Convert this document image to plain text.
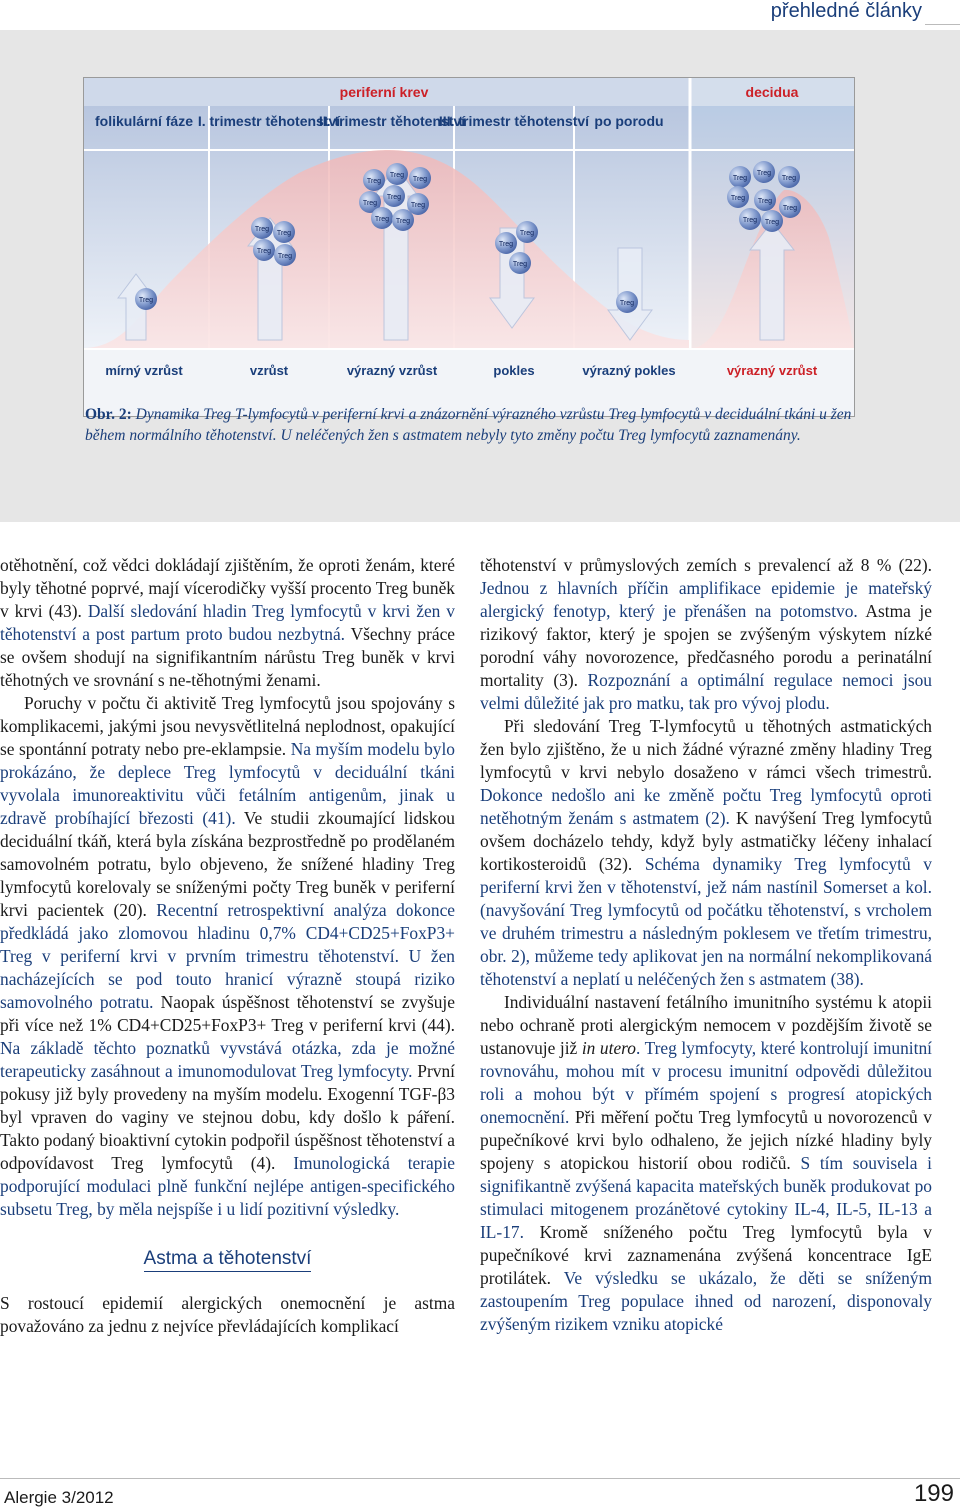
přehledné články
periferní krev	decidua
folikulární fáze I. trimestr těhotenství
II. trimestr těhotenství
III. trimestr těhotenství po porodu
Treg
Treg
Treg
Treg
Treg
Treg
Treg
Treg
Treg
Treg
Treg
Treg Treg
Treg
Treg
Treg
Treg
Treg
Treg
Treg
Treg Treg
Treg
Treg Treg
mírný vzrůst	vzrůst	výrazný vzrůst	pokles	výrazný pokles	výrazný vzrůst
Obr. 2: Dynamika Treg T-lymfocytů v periferní krvi a znázornění výrazného vzrůstu Treg lymfocytů v deciduální tkáni u žen během normálního těhotenství. U neléčených žen s astmatem nebyly tyto změny počtu Treg lymfocytů zaznamenány.

otěhotnění, což vědci dokládají zjištěním, že oproti ženám, které byly těhotné poprvé, mají vícerodičky vyšší procento Treg buněk v krvi (43). Další sledování hladin Treg lymfocytů v krvi žen v těhotenství a post partum proto budou nezbytná. Všechny práce se ovšem shodují na signifikantním nárůstu Treg buněk v krvi těhotných ve srovnání s ne-těhotnými ženami.

Poruchy v počtu či aktivitě Treg lymfocytů jsou spojovány s komplikacemi, jakými jsou nevysvětlitelná neplodnost, opakující se spontánní potraty nebo pre-eklampsie. Na myším modelu bylo prokázáno, že deplece Treg lymfocytů v deciduální tkáni vyvolala imunoreaktivitu vůči fetálním antigenům, jinak u zdravě probíhající březosti (41). Ve studii zkoumající lidskou deciduální tkáň, která byla získána bezprostředně po prodělaném samovolném potratu, bylo objeveno, že snížené hladiny Treg lymfocytů korelovaly se sníženými počty Treg buněk v periferní krvi pacientek (20). Recentní retrospektivní analýza dokonce předkládá jako zlomovou hladinu 0,7% CD4+CD25+FoxP3+ Treg v periferní krvi v prvním trimestru těhotenství. U žen nacházejících se pod touto hranicí výrazně stoupá riziko samovolného potratu. Naopak úspěšnost těhotenství se zvyšuje při více než 1% CD4+CD25+FoxP3+ Treg v periferní krvi (44). Na základě těchto poznatků vyvstává otázka, zda je možné terapeuticky zasáhnout a imunomodulovat Treg lymfocyty. První pokusy již byly provedeny na myším modelu. Exogenní TGF-β3 byl vpraven do vaginy ve stejnou dobu, kdy došlo k páření. Takto podaný bioaktivní cytokin podpořil úspěšnost těhotenství a odpovídavost Treg lymfocytů (4). Imunologická terapie podporující modulaci plně funkční nejlépe antigen-specifického subsetu Treg, by měla nejspíše i u lidí pozitivní výsledky.

Astma a těhotenství

S rostoucí epidemií alergických onemocnění je astma považováno za jednu z nejvíce převládajících komplikací

těhotenství v průmyslových zemích s prevalencí až 8 % (22). Jednou z hlavních příčin amplifikace epidemie je mateřský alergický fenotyp, který je přenášen na potomstvo. Astma je rizikový faktor, který je spojen se zvýšeným výskytem nízké porodní váhy novorozence, předčasného porodu a perinatální mortality (3). Rozpoznání a optimální regulace nemoci jsou velmi důležité jak pro matku, tak pro vývoj plodu.

Při sledování Treg T-lymfocytů u těhotných astmatických žen bylo zjištěno, že u nich žádné výrazné změny hladiny Treg lymfocytů v krvi nebylo dosaženo v rámci všech trimestrů. Dokonce nedošlo ani ke změně počtu Treg lymfocytů oproti netěhotným ženám s astmatem (2). K navýšení Treg lymfocytů ovšem docházelo tehdy, když byly astmatičky léčeny inhalací kortikosteroidů (32). Schéma dynamiky Treg lymfocytů v periferní krvi žen v těhotenství, jež nám nastínil Somerset a kol. (navyšování Treg lymfocytů od počátku těhotenství, s vrcholem ve druhém trimestru a následným poklesem ve třetím trimestru, obr. 2), můžeme tedy aplikovat jen na normální nekomplikovaná těhotenství a neplatí u neléčených žen s astmatem (38).

Individuální nastavení fetálního imunitního systému k atopii nebo ochraně proti alergickým nemocem v pozdějším životě se ustanovuje již in utero. Treg lymfocyty, které kontrolují imunitní rovnováhu, mohou mít v procesu imunitní odpovědi důležitou roli a mohou být v přímém spojení s progresí atopických onemocnění. Při měření počtu Treg lymfocytů u novorozenců v pupečníkové krvi bylo odhaleno, že jejich nízké hladiny byly spojeny s atopickou historií obou rodičů. S tím souvisela i signifikantně zvýšená kapacita mateřských buněk produkovat po stimulaci mitogenem prozánětové cytokiny IL-4, IL-5, IL-13 a IL-17. Kromě sníženého počtu Treg lymfocytů byla v pupečníkové krvi zaznamenána zvýšená koncentrace IgE protilátek. Ve výsledku se ukázalo, že děti se sníženým zastoupením Treg populace ihned od narození, disponovaly zvýšeným rizikem vzniku atopické

Alergie 3/2012	199
